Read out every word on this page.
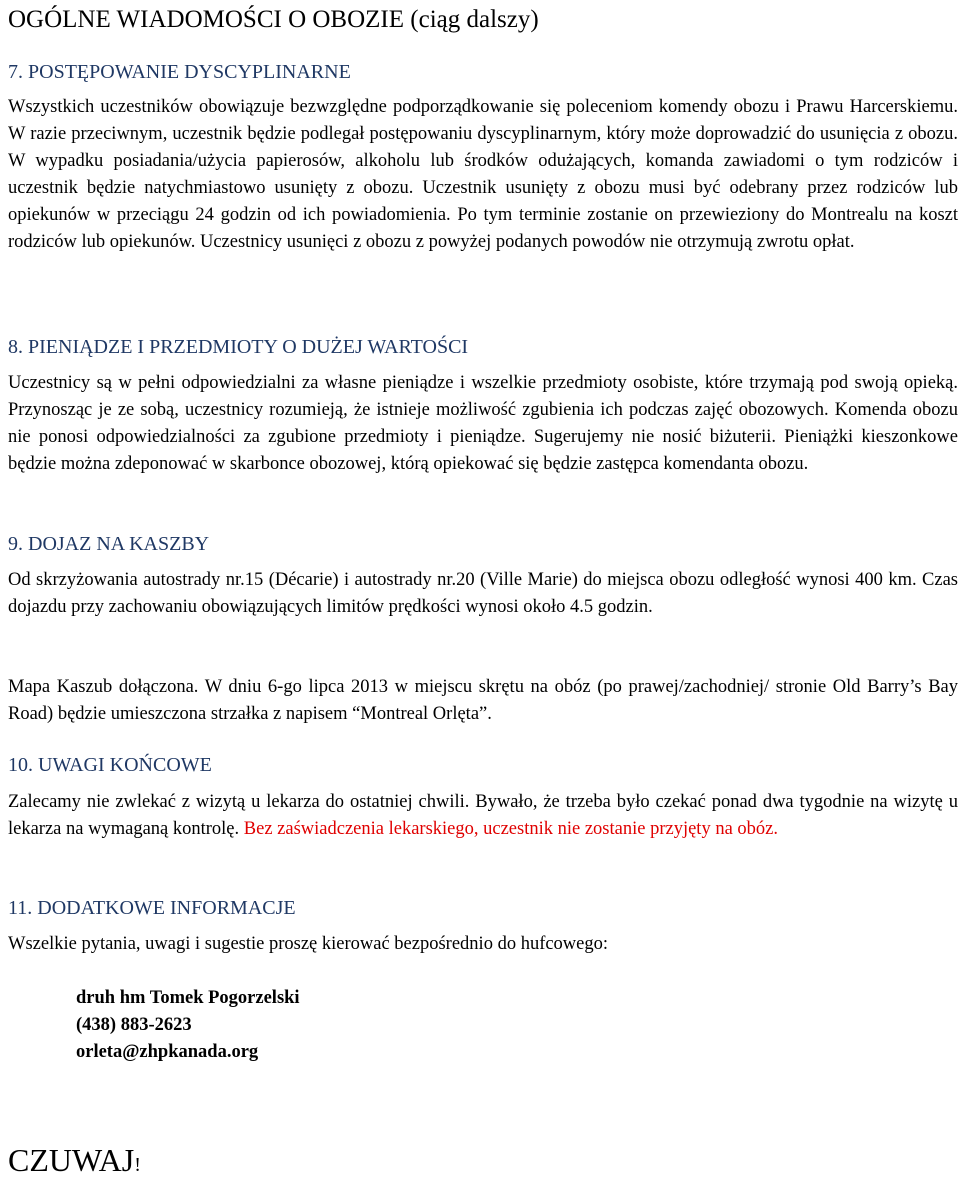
OGÓLNE WIADOMOŚCI O OBOZIE (ciąg dalszy)
7. POSTĘPOWANIE DYSCYPLINARNE
Wszystkich uczestników obowiązuje bezwzględne podporządkowanie się poleceniom komendy obozu i Prawu Harcerskiemu. W razie przeciwnym, uczestnik będzie podlegał postępowaniu dyscyplinarnym, który może doprowadzić do usunięcia z obozu. W wypadku posiadania/użycia papierosów, alkoholu lub środków odużających, komanda zawiadomi o tym rodziców i uczestnik będzie natychmiastowo usunięty z obozu. Uczestnik usunięty z obozu musi być odebrany przez rodziców lub opiekunów w przeciągu 24 godzin od ich powiadomienia. Po tym terminie zostanie on przewieziony do Montrealu na koszt rodziców lub opiekunów. Uczestnicy usunięci z obozu z powyżej podanych powodów nie otrzymują zwrotu opłat.
8. PIENIĄDZE I PRZEDMIOTY O DUŻEJ WARTOŚCI
Uczestnicy są w pełni odpowiedzialni za własne pieniądze i wszelkie przedmioty osobiste, które trzymają pod swoją opieką. Przynosząc je ze sobą, uczestnicy rozumieją, że istnieje możliwość zgubienia ich podczas zajęć obozowych. Komenda obozu nie ponosi odpowiedzialności za zgubione przedmioty i pieniądze. Sugerujemy nie nosić biżuterii. Pieniążki kieszonkowe będzie można zdeponować w skarbonce obozowej, którą opiekować się będzie zastępca komendanta obozu.
9. DOJAZ NA KASZBY
Od skrzyżowania autostrady nr.15 (Décarie) i autostrady nr.20 (Ville Marie) do miejsca obozu odległość wynosi 400 km. Czas dojazdu przy zachowaniu obowiązujących limitów prędkości wynosi około 4.5 godzin.
Mapa Kaszub dołączona. W dniu 6-go lipca 2013 w miejscu skrętu na obóz (po prawej/zachodniej/ stronie Old Barry’s Bay Road) będzie umieszczona strzałka z napisem “Montreal Orlęta”.
10. UWAGI KOŃCOWE
Zalecamy nie zwlekać z wizytą u lekarza do ostatniej chwili. Bywało, że trzeba było czekać ponad dwa tygodnie na wizytę u lekarza na wymaganą kontrolę. Bez zaświadczenia lekarskiego, uczestnik nie zostanie przyjęty na obóz.
11. DODATKOWE INFORMACJE
Wszelkie pytania, uwagi i sugestie proszę kierować bezpośrednio do hufcowego:
druh hm Tomek Pogorzelski
(438) 883-2623
orleta@zhpkanada.org
CZUWAJ!
